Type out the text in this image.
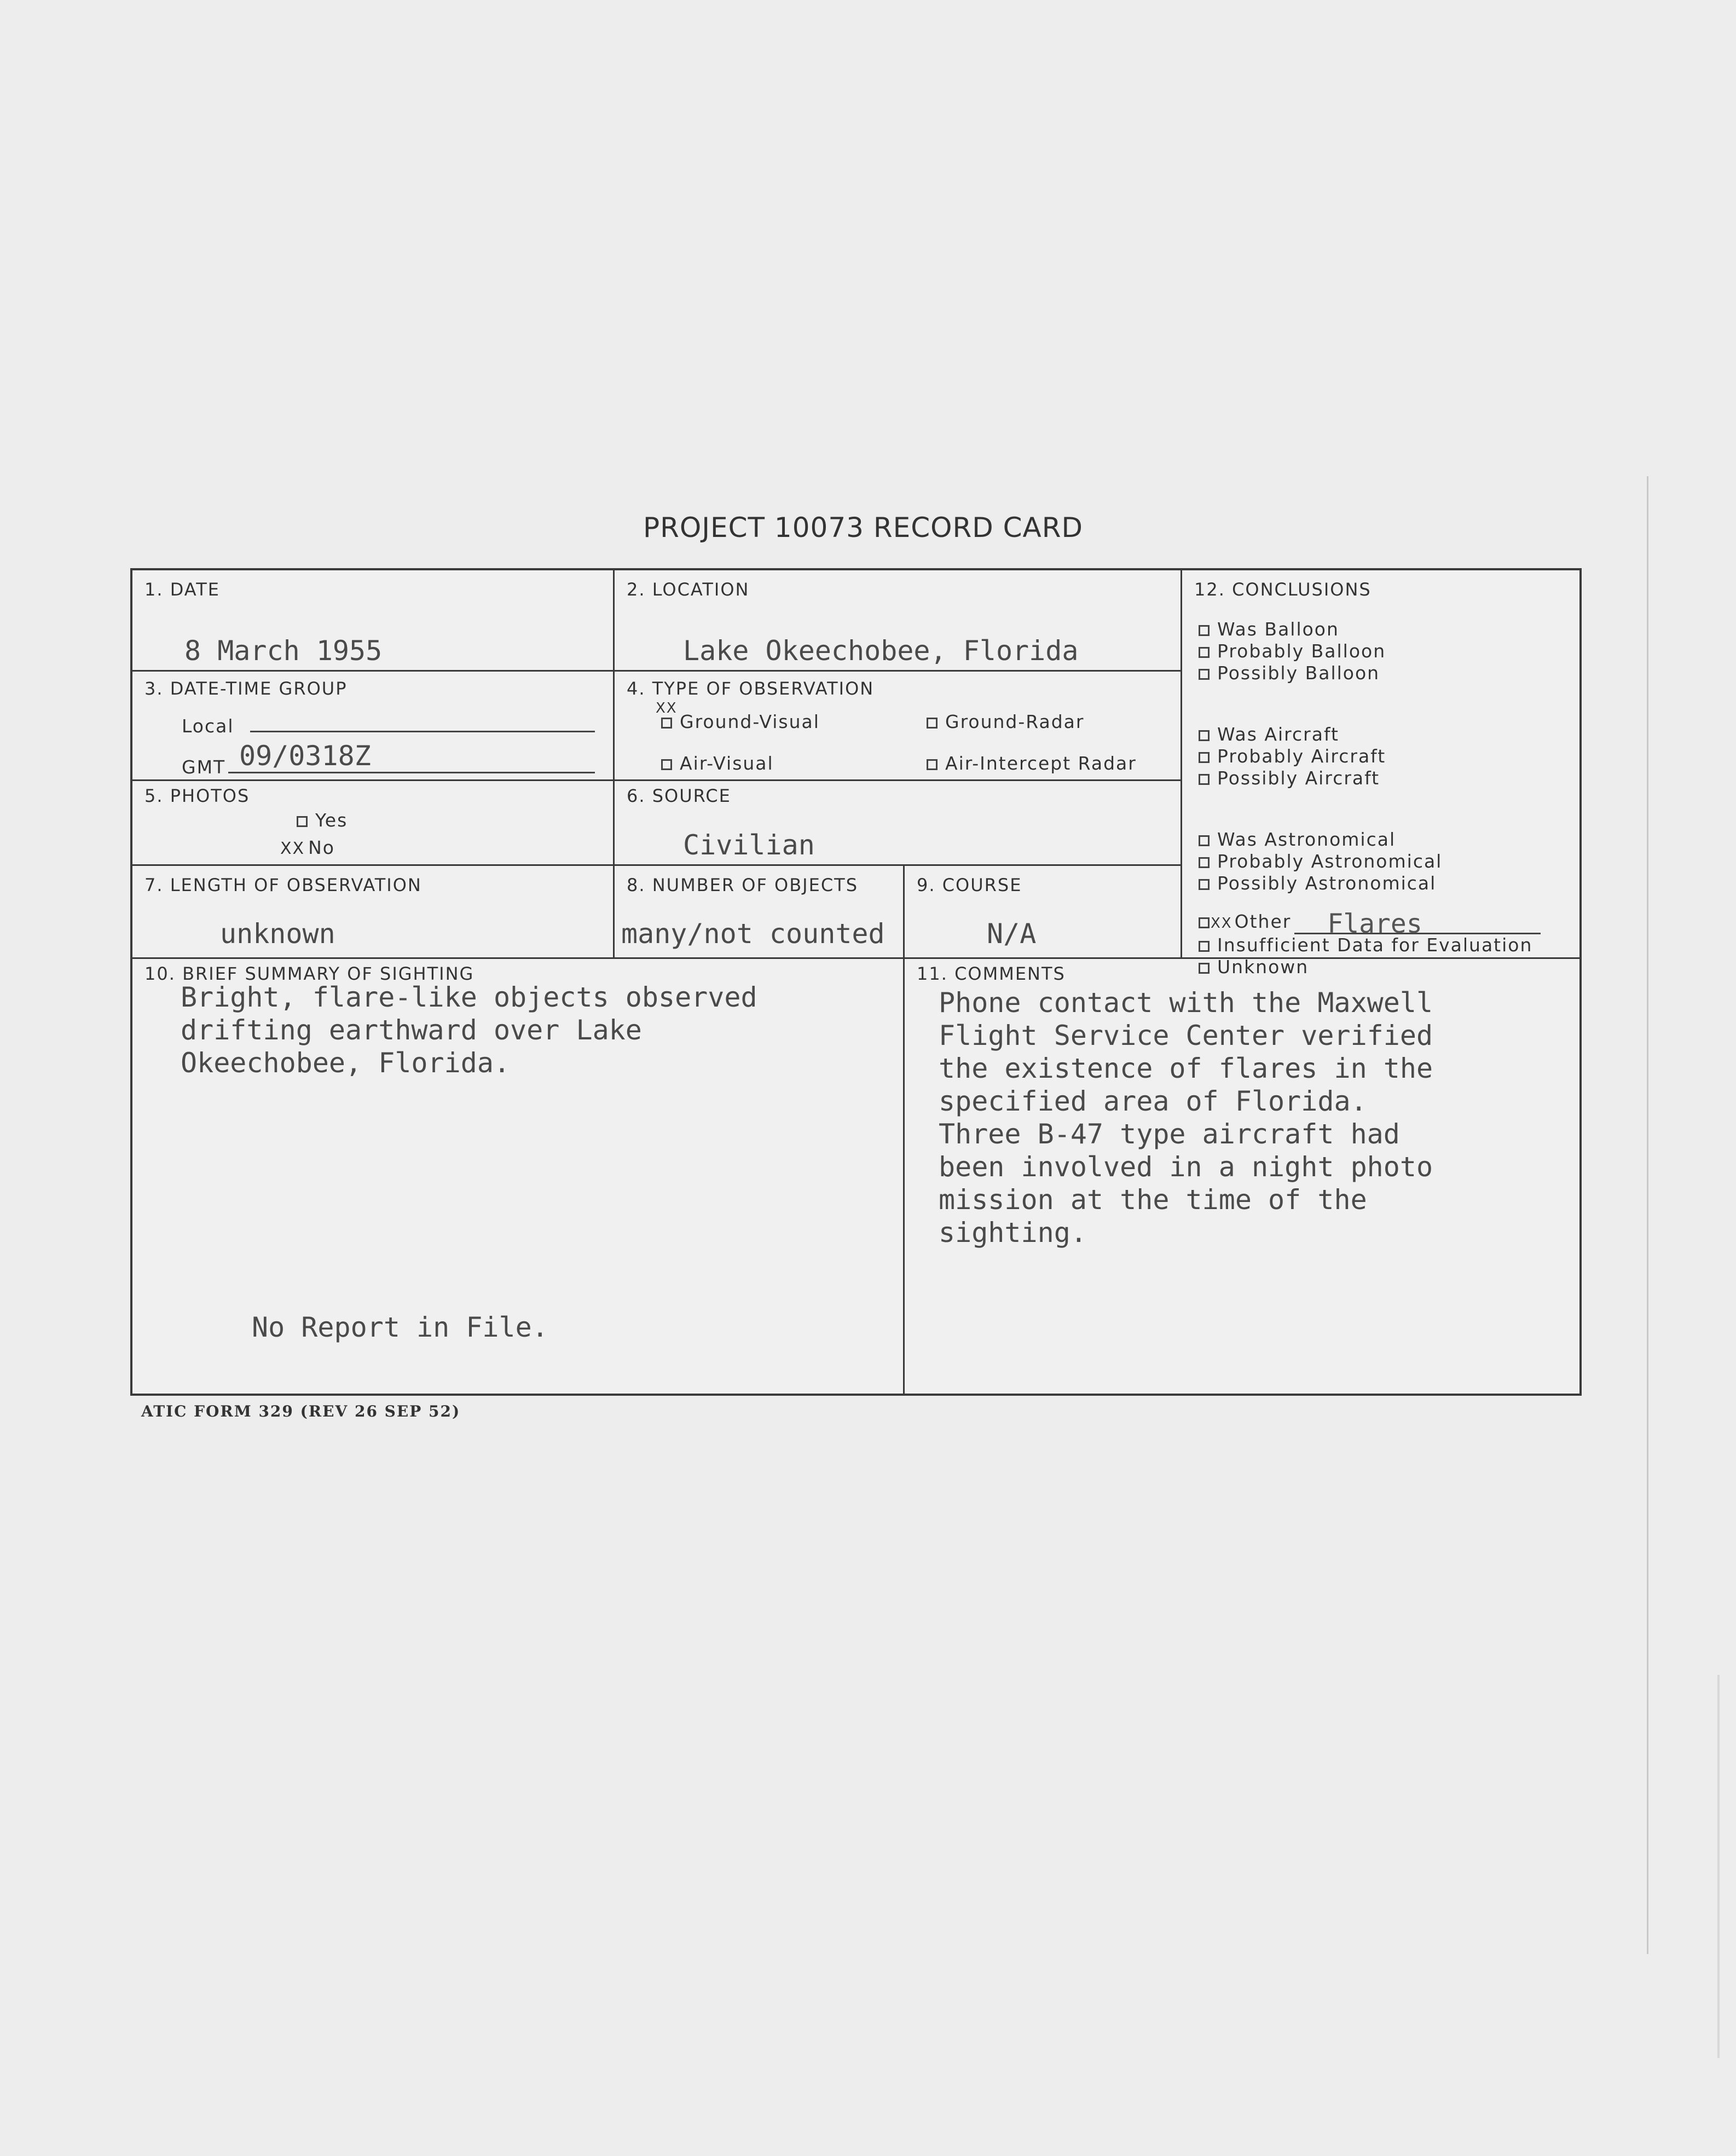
PROJECT 10073 RECORD CARD
1. DATE
8 March 1955
2. LOCATION
Lake Okeechobee, Florida
3. DATE-TIME GROUP
Local
GMT 09/0318Z
4. TYPE OF OBSERVATION
Ground-Visual
XX
Ground-Radar
Air-Visual	Air-Intercept Radar
5. PHOTOS
Yes
XX No
6. SOURCE
Civilian
7. LENGTH OF OBSERVATION
unknown
8. NUMBER OF OBJECTS
many/not counted
9. COURSE
N/A
12. CONCLUSIONS
Was Balloon
Probably Balloon
Possibly Balloon
Was Aircraft
Probably Aircraft
Possibly Aircraft
Was Astronomical
Probably Astronomical
Possibly Astronomical
XX Other Flares
Insufficient Data for Evaluation
Unknown
10. BRIEF SUMMARY OF SIGHTING
Bright, flare-like objects observed
drifting earthward over Lake
Okeechobee, Florida.
No Report in File.
11. COMMENTS
Phone contact with the Maxwell
Flight Service Center verified
the existence of flares in the
specified area of Florida.
Three B-47 type aircraft had
been involved in a night photo
mission at the time of the
sighting.
ATIC FORM 329 (REV 26 SEP 52)
